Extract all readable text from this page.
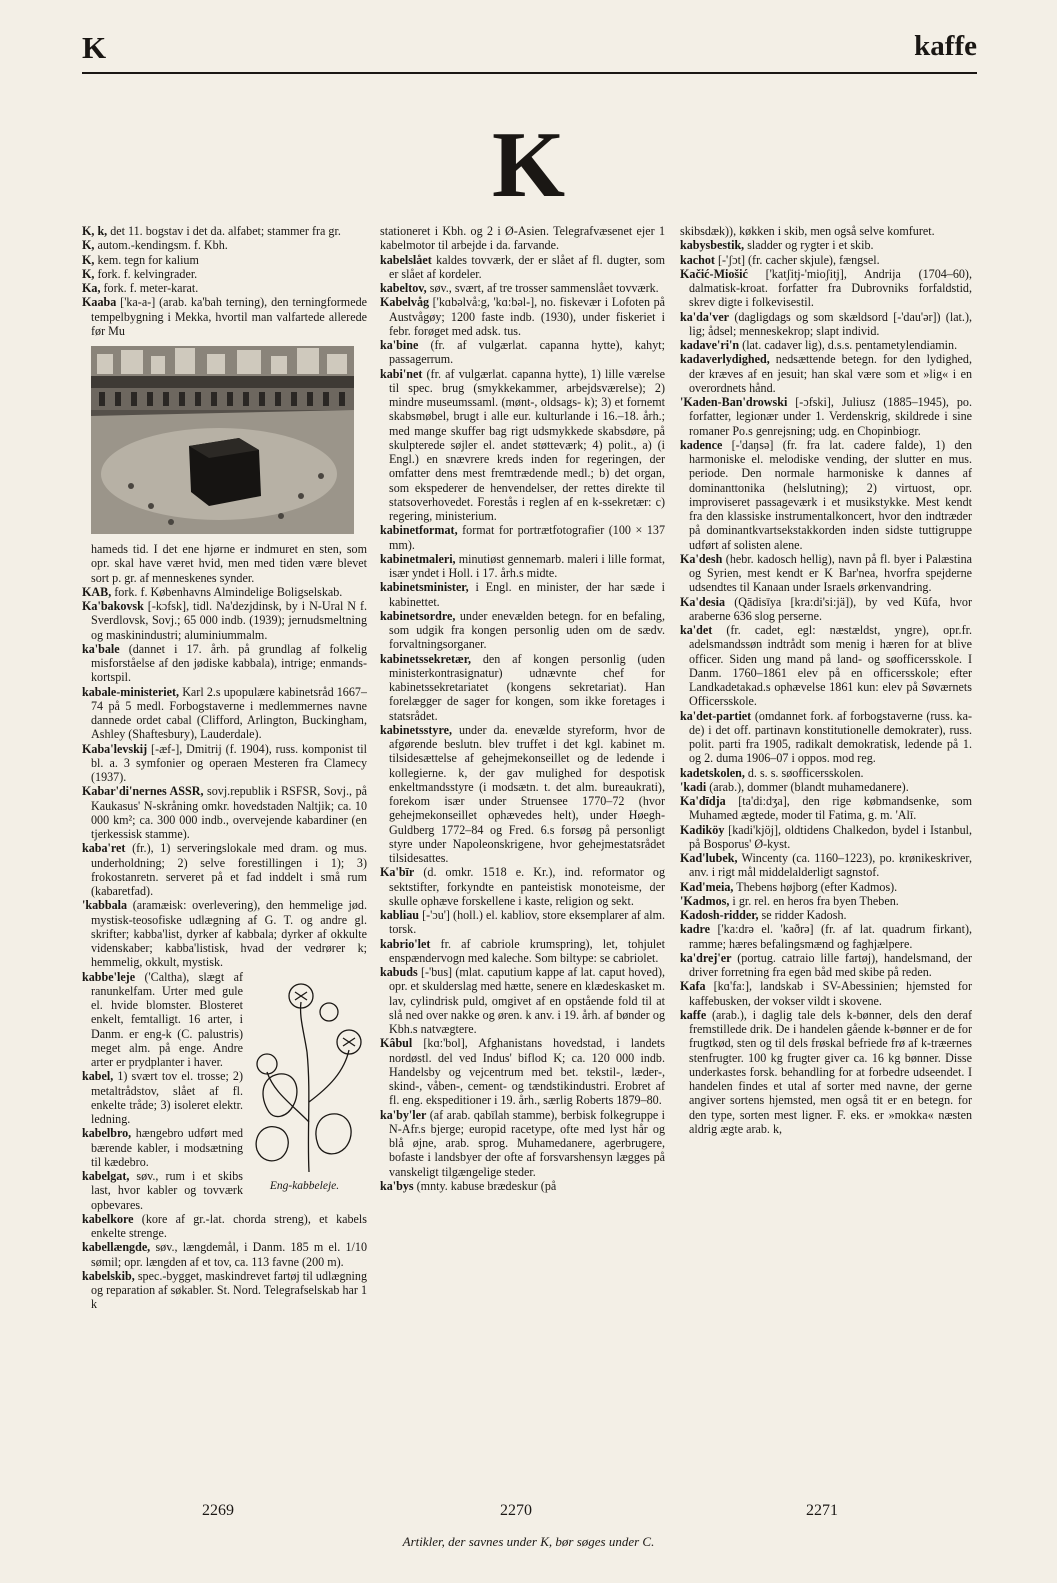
K	kaffe
K

K, k, det 11. bogstav i det da. alfabet; stammer fra gr.

K, autom.-kendingsm. f. Kbh.

K, kem. tegn for kalium

K, fork. f. kelvingrader.

Ka, fork. f. meter-karat.

Kaaba ['ka-a-] (arab. ka'bah terning), den terningformede tempelbygning i Mekka, hvortil man valfartede allerede før Mu

hameds tid. I det ene hjørne er indmuret en sten, som opr. skal have været hvid, men med tiden være blevet sort p. gr. af menneskenes synder.

KAB, fork. f. Københavns Almindelige Boligselskab.

Ka'bakovsk [-kɔfsk], tidl. Na'dezjdinsk, by i N-Ural N f. Sverdlovsk, Sovj.; 65 000 indb. (1939); jernudsmeltning og maskinindustri; aluminiummalm.

ka'bale (dannet i 17. årh. på grundlag af folkelig misforståelse af den jødiske kabbala), intrige; enmands-kortspil.

kabale-ministeriet, Karl 2.s upopulære kabinetsråd 1667–74 på 5 medl. Forbogstaverne i medlemmernes navne dannede ordet cabal (Clifford, Arlington, Buckingham, Ashley (Shaftesbury), Lauderdale).

Kaba'levskij [-æf-], Dmitrij (f. 1904), russ. komponist til bl. a. 3 symfonier og operaen Mesteren fra Clamecy (1937).

Kabar'di'nernes ASSR, sovj.republik i RSFSR, Sovj., på Kaukasus' N-skråning omkr. hovedstaden Naltjik; ca. 10 000 km²; ca. 300 000 indb., overvejende kabardiner (en tjerkessisk stamme).

kaba'ret (fr.), 1) serveringslokale med dram. og mus. underholdning; 2) selve forestillingen i 1); 3) frokostanretn. serveret på et fad inddelt i små rum (kabaretfad).

'kabbala (aramæisk: overlevering), den hemmelige jød. mystisk-teosofiske udlægning af G. T. og andre gl. skrifter; kabba'list, dyrker af kabbala; dyrker af okkulte videnskaber; kabba'listisk, hvad der vedrører k; hemmelig, okkult, mystisk.

kabbe'leje
Eng-kabbeleje.
('Caltha), slægt af ranunkelfam. Urter med gule el. hvide blomster. Blosteret enkelt, femtalligt. 16 arter, i Danm. er eng-k (C. palustris) meget alm. på enge. Andre arter er prydplanter i haver.

kabel, 1) svært tov el. trosse; 2) metaltrådstov, slået af fl. enkelte tråde; 3) isoleret elektr. ledning.

kabelbro, hængebro udført med bærende kabler, i modsætning til kædebro.

kabelgat, søv., rum i et skibs last, hvor kabler og tovværk opbevares.

kabelkore (kore af gr.-lat. chorda streng), et kabels enkelte strenge.

kabellængde, søv., længdemål, i Danm. 185 m el. 1/10 sømil; opr. længden af et tov, ca. 113 favne (200 m).

kabelskib, spec.-bygget, maskindrevet fartøj til udlægning og reparation af søkabler. St. Nord. Telegrafselskab har 1 k

stationeret i Kbh. og 2 i Ø-Asien. Telegrafvæsenet ejer 1 kabelmotor til arbejde i da. farvande.

kabelslået kaldes tovværk, der er slået af fl. dugter, som er slået af kordeler.

kabeltov, søv., svært, af tre trosser sammenslået tovværk.

Kabelvåg ['kɑbəlvå:g, 'kɑ:bəl-], no. fiskevær i Lofoten på Austvågøy; 1200 faste indb. (1930), under fiskeriet i febr. forøget med adsk. tus.

ka'bine (fr. af vulgærlat. capanna hytte), kahyt; passagerrum.

kabi'net (fr. af vulgærlat. capanna hytte), 1) lille værelse til spec. brug (smykkekammer, arbejdsværelse); 2) mindre museumssaml. (mønt-, oldsags- k); 3) et fornemt skabsmøbel, brugt i alle eur. kulturlande i 16.–18. årh.; med mange skuffer bag rigt udsmykkede skabsdøre, på skulpterede søjler el. andet støtteværk; 4) polit., a) (i Engl.) en snævrere kreds inden for regeringen, der omfatter dens mest fremtrædende medl.; b) det organ, som ekspederer de henvendelser, der rettes direkte til statsoverhovedet. Forestås i reglen af en k-ssekretær: c) regering, ministerium.

kabinetformat, format for portrætfotografier (100 × 137 mm).

kabinetmaleri, minutiøst gennemarb. maleri i lille format, især yndet i Holl. i 17. årh.s midte.

kabinetsminister, i Engl. en minister, der har sæde i kabinettet.

kabinetsordre, under enevælden betegn. for en befaling, som udgik fra kongen personlig uden om de sædv. forvaltningsorganer.

kabinetssekretær, den af kongen personlig (uden ministerkontrasignatur) udnævnte chef for kabinetssekretariatet (kongens sekretariat). Han forelægger de sager for kongen, som ikke foretages i statsrådet.

kabinetsstyre, under da. enevælde styreform, hvor de afgørende beslutn. blev truffet i det kgl. kabinet m. tilsidesættelse af gehejmekonseillet og de ledende i kollegierne. k, der gav mulighed for despotisk enkeltmandsstyre (i modsætn. t. det alm. bureaukrati), forekom især under Struensee 1770–72 (hvor gehejmekonseillet ophævedes helt), under Høegh-Guldberg 1772–84 og Fred. 6.s forsøg på personligt styre under Napoleonskrigene, hvor gehejmestatsrådet tilsidesattes.

Ka'bīr (d. omkr. 1518 e. Kr.), ind. reformator og sektstifter, forkyndte en panteistisk monoteisme, der skulle ophæve forskellene i kaste, religion og sekt.

kabliau [-'ɔu'] (holl.) el. kabliov, store eksemplarer af alm. torsk.

kabrio'let fr. af cabriole krumspring), let, tohjulet enspændervogn med kaleche. Som biltype: se cabriolet.

kabuds [-'bus] (mlat. caputium kappe af lat. caput hoved), opr. et skulderslag med hætte, senere en klædeskasket m. lav, cylindrisk puld, omgivet af en opstående fold til at slå ned over nakke og øren. k anv. i 19. årh. af bønder og Kbh.s natvægtere.

Kâbul [kɑ:'bol], Afghanistans hovedstad, i landets nordøstl. del ved Indus' biflod K; ca. 120 000 indb. Handelsby og vejcentrum med bet. tekstil-, læder-, skind-, våben-, cement- og tændstikindustri. Erobret af fl. eng. ekspeditioner i 19. årh., særlig Roberts 1879–80.

ka'by'ler (af arab. qabīlah stamme), berbisk folkegruppe i N-Afr.s bjerge; europid racetype, ofte med lyst hår og blå øjne, arab. sprog. Muhamedanere, agerbrugere, bofaste i landsbyer der ofte af forsvarshensyn lægges på vanskeligt tilgængelige steder.

ka'bys (mnty. kabuse brædeskur (på

skibsdæk)), køkken i skib, men også selve komfuret.

kabysbestik, sladder og rygter i et skib.

kachot [-'ʃɔt] (fr. cacher skjule), fængsel.

Kačić-Miošić ['katʃitj-'mioʃitj], Andrija (1704–60), dalmatisk-kroat. forfatter fra Dubrovniks forfaldstid, skrev digte i folkevisestil.

ka'da'ver (dagligdags og som skældsord [-'dau'ər]) (lat.), lig; ådsel; menneskekrop; slapt individ.

kadave'ri'n (lat. cadaver lig), d.s.s. pentametylendiamin.

kadaverlydighed, nedsættende betegn. for den lydighed, der kræves af en jesuit; han skal være som et »lig« i en overordnets hånd.

'Kaden-Ban'drowski [-ɔfski], Juliusz (1885–1945), po. forfatter, legionær under 1. Verdenskrig, skildrede i sine romaner Po.s genrejsning; udg. en Chopinbiogr.

kadence [-'daŋsə] (fr. fra lat. cadere falde), 1) den harmoniske el. melodiske vending, der slutter en mus. periode. Den normale harmoniske k dannes af dominanttonika (helslutning); 2) virtuost, opr. improviseret passageværk i et musikstykke. Mest kendt fra den klassiske instrumentalkoncert, hvor den indtræder på dominantkvartsekstakkorden inden sidste tuttigruppe udført af solisten alene.

Ka'desh (hebr. kadosch hellig), navn på fl. byer i Palæstina og Syrien, mest kendt er K Bar'nea, hvorfra spejderne udsendtes til Kanaan under Israels ørkenvandring.

Ka'desia (Qādisīya [kra:di'si:jä]), by ved Kūfa, hvor araberne 636 slog perserne.

ka'det (fr. cadet, egl: næstældst, yngre), opr.fr. adelsmandssøn indtrådt som menig i hæren for at blive officer. Siden ung mand på land- og søofficersskole. I Danm. 1760–1861 elev på en officersskole; efter Landkadetakad.s ophævelse 1861 kun: elev på Søværnets Officersskole.

ka'det-partiet (omdannet fork. af forbogstaverne (russ. ka-de) i det off. partinavn konstitutionelle demokrater), russ. polit. parti fra 1905, radikalt demokratisk, ledende på 1. og 2. duma 1906–07 i oppos. mod reg.

kadetskolen, d. s. s. søofficersskolen.

'kadi (arab.), dommer (blandt muhamedanere).

Ka'dīdja [ta'di:dʒa], den rige købmandsenke, som Muhamed ægtede, moder til Fatima, g. m. 'Alī.

Kadiköy [kadi'kjöj], oldtidens Chalkedon, bydel i Istanbul, på Bosporus' Ø-kyst.

Kad'lubek, Wincenty (ca. 1160–1223), po. krønikeskriver, anv. i rigt mål middelalderligt sagnstof.

Kad'meia, Thebens højborg (efter Kadmos).

'Kadmos, i gr. rel. en heros fra byen Theben.

Kadosh-ridder, se ridder Kadosh.

kadre ['ka:drə el. 'kaðrə] (fr. af lat. quadrum firkant), ramme; hæres befalingsmænd og faghjælpere.

ka'drej'er (portug. catraio lille fartøj), handelsmand, der driver forretning fra egen båd med skibe på reden.

Kafa [kɑ'fa:], landskab i SV-Abessinien; hjemsted for kaffebusken, der vokser vildt i skovene.

kaffe (arab.), i daglig tale dels k-bønner, dels den deraf fremstillede drik. De i handelen gående k-bønner er de for frugtkød, sten og til dels frøskal befriede frø af k-træernes stenfrugter. 100 kg frugter giver ca. 16 kg bønner. Disse underkastes forsk. behandling for at forbedre udseendet. I handelen findes et utal af sorter med navne, der gerne angiver sortens hjemsted, men også tit er en betegn. for den type, sorten mest ligner. F. eks. er »mokka« næsten aldrig ægte arab. k,

2269	2270	2271
Artikler, der savnes under K, bør søges under C.
